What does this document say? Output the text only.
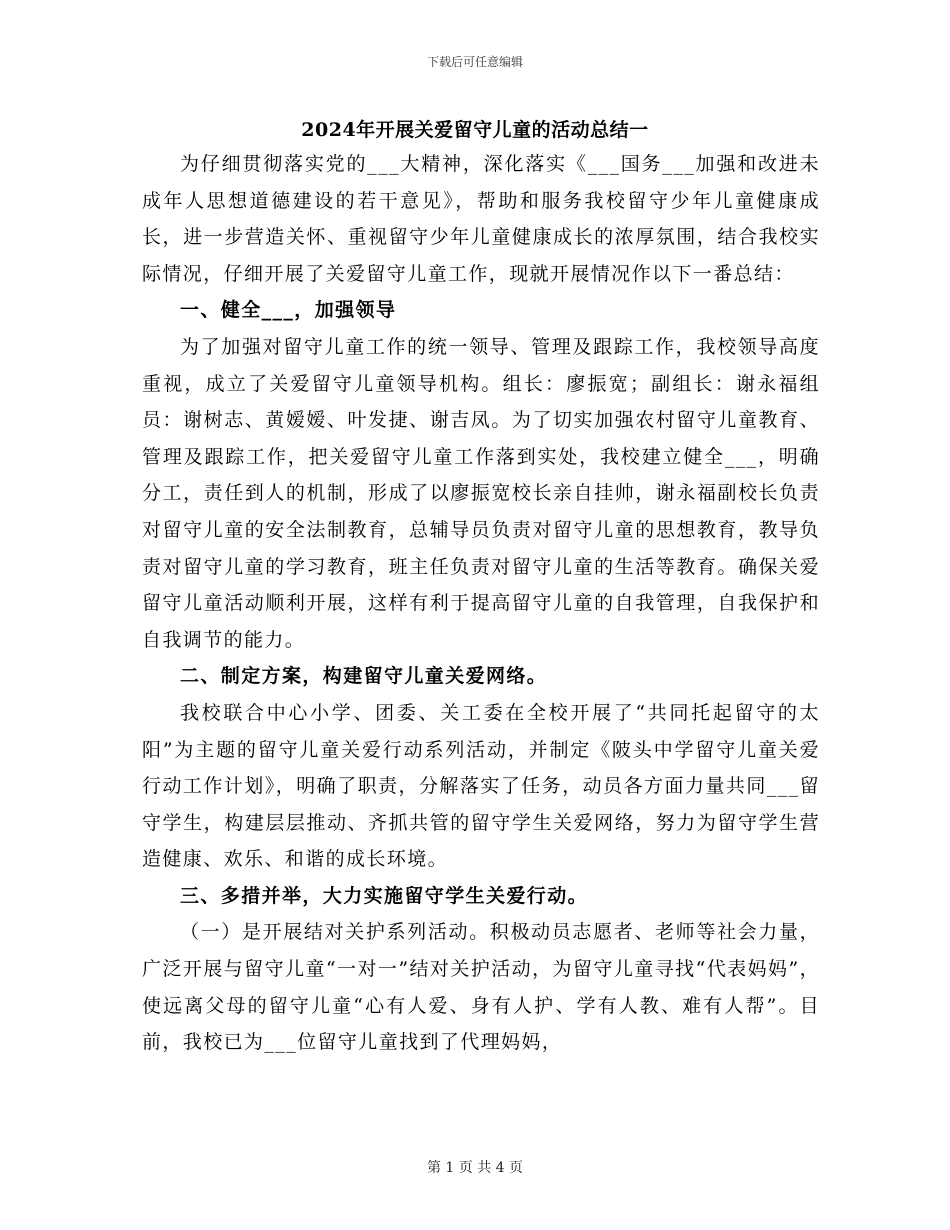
下载后可任意编辑
2024年开展关爱留守儿童的活动总结一

为仔细贯彻落实党的___大精神，深化落实《___国务___加强和改进未成年人思想道德建设的若干意见》，帮助和服务我校留守少年儿童健康成长，进一步营造关怀、重视留守少年儿童健康成长的浓厚氛围，结合我校实际情况，仔细开展了关爱留守儿童工作，现就开展情况作以下一番总结：

一、健全___，加强领导

为了加强对留守儿童工作的统一领导、管理及跟踪工作，我校领导高度重视，成立了关爱留守儿童领导机构。组长：廖振宽；副组长：谢永福组员：谢树志、黄嫒嫒、叶发捷、谢吉凤。为了切实加强农村留守儿童教育、管理及跟踪工作，把关爱留守儿童工作落到实处，我校建立健全___，明确分工，责任到人的机制，形成了以廖振宽校长亲自挂帅，谢永福副校长负责对留守儿童的安全法制教育，总辅导员负责对留守儿童的思想教育，教导负责对留守儿童的学习教育，班主任负责对留守儿童的生活等教育。确保关爱留守儿童活动顺利开展，这样有利于提高留守儿童的自我管理，自我保护和自我调节的能力。

二、制定方案，构建留守儿童关爱网络。

我校联合中心小学、团委、关工委在全校开展了“共同托起留守的太阳”为主题的留守儿童关爱行动系列活动，并制定《陂头中学留守儿童关爱行动工作计划》，明确了职责，分解落实了任务，动员各方面力量共同___留守学生，构建层层推动、齐抓共管的留守学生关爱网络，努力为留守学生营造健康、欢乐、和谐的成长环境。

三、多措并举，大力实施留守学生关爱行动。

（一）是开展结对关护系列活动。积极动员志愿者、老师等社会力量，广泛开展与留守儿童“一对一”结对关护活动，为留守儿童寻找“代表妈妈”，使远离父母的留守儿童“心有人爱、身有人护、学有人教、难有人帮”。目前，我校已为___位留守儿童找到了代理妈妈，

第 1 页 共 4 页
